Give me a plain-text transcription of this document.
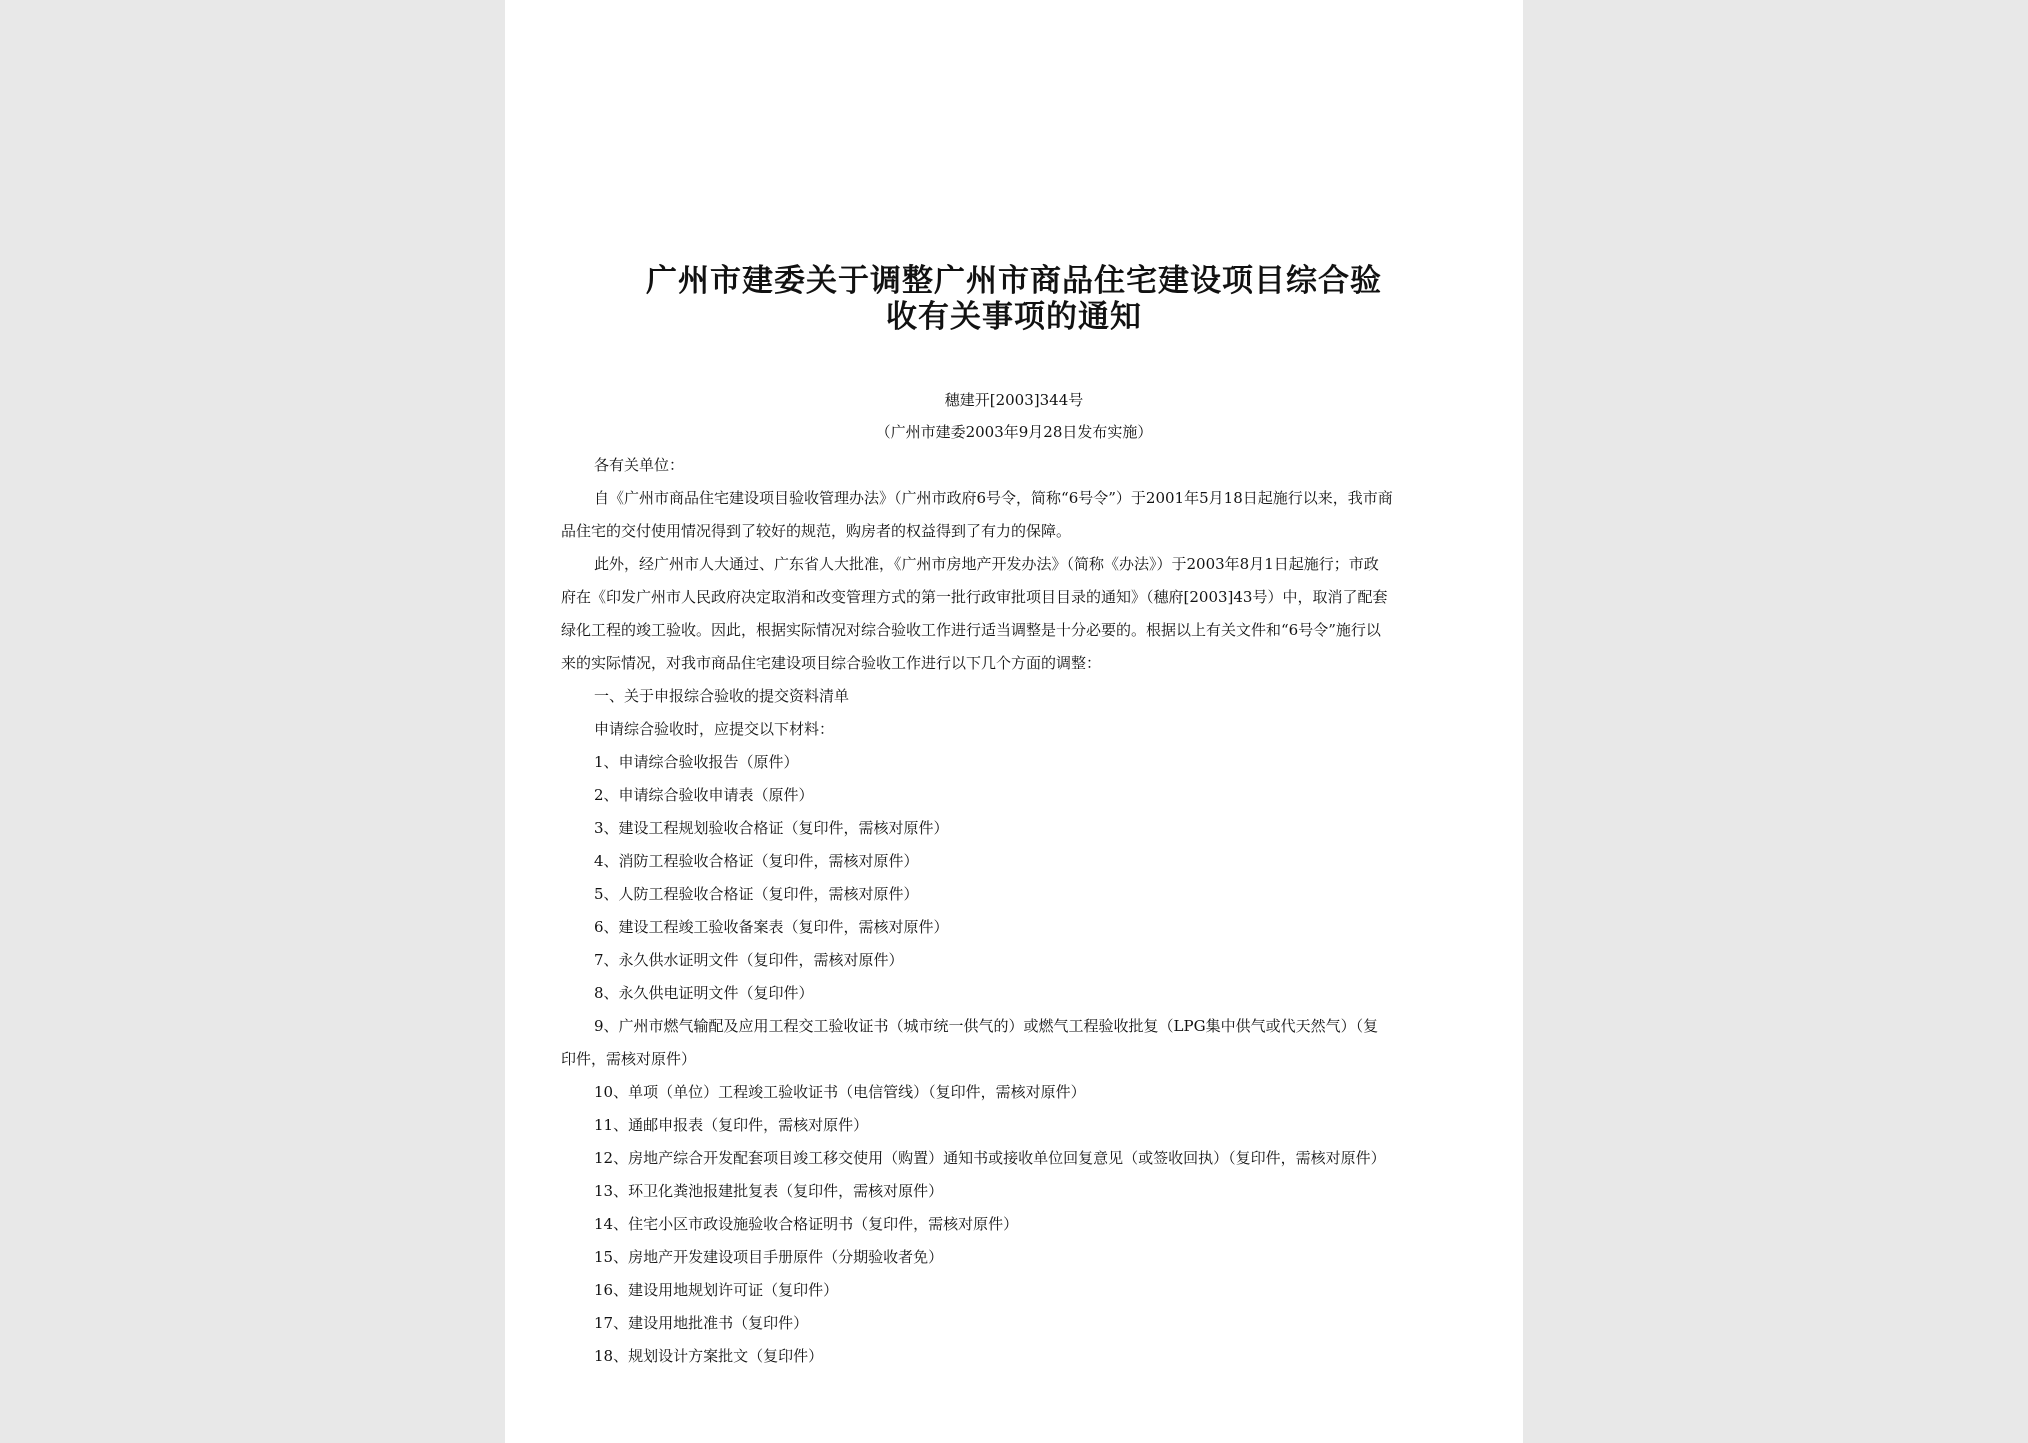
广州市建委关于调整广州市商品住宅建设项目综合验
收有关事项的通知
穗建开[2003]344号
（广州市建委2003年9月28日发布实施）
各有关单位：
自《广州市商品住宅建设项目验收管理办法》（广州市政府6号令，简称“6号令”）于2001年5月18日起施行以来，我市商
品住宅的交付使用情况得到了较好的规范，购房者的权益得到了有力的保障。
此外，经广州市人大通过、广东省人大批准，《广州市房地产开发办法》（简称《办法》）于2003年8月1日起施行；市政
府在《印发广州市人民政府决定取消和改变管理方式的第一批行政审批项目目录的通知》（穗府[2003]43号）中，取消了配套
绿化工程的竣工验收。因此，根据实际情况对综合验收工作进行适当调整是十分必要的。根据以上有关文件和“6号令”施行以
来的实际情况，对我市商品住宅建设项目综合验收工作进行以下几个方面的调整：
一、关于申报综合验收的提交资料清单
申请综合验收时，应提交以下材料：
1、申请综合验收报告（原件）
2、申请综合验收申请表（原件）
3、建设工程规划验收合格证（复印件，需核对原件）
4、消防工程验收合格证（复印件，需核对原件）
5、人防工程验收合格证（复印件，需核对原件）
6、建设工程竣工验收备案表（复印件，需核对原件）
7、永久供水证明文件（复印件，需核对原件）
8、永久供电证明文件（复印件）
9、广州市燃气输配及应用工程交工验收证书（城市统一供气的）或燃气工程验收批复（LPG集中供气或代天然气）（复
印件，需核对原件）
10、单项（单位）工程竣工验收证书（电信管线）（复印件，需核对原件）
11、通邮申报表（复印件，需核对原件）
12、房地产综合开发配套项目竣工移交使用（购置）通知书或接收单位回复意见（或签收回执）（复印件，需核对原件）
13、环卫化粪池报建批复表（复印件，需核对原件）
14、住宅小区市政设施验收合格证明书（复印件，需核对原件）
15、房地产开发建设项目手册原件（分期验收者免）
16、建设用地规划许可证（复印件）
17、建设用地批准书（复印件）
18、规划设计方案批文（复印件）
